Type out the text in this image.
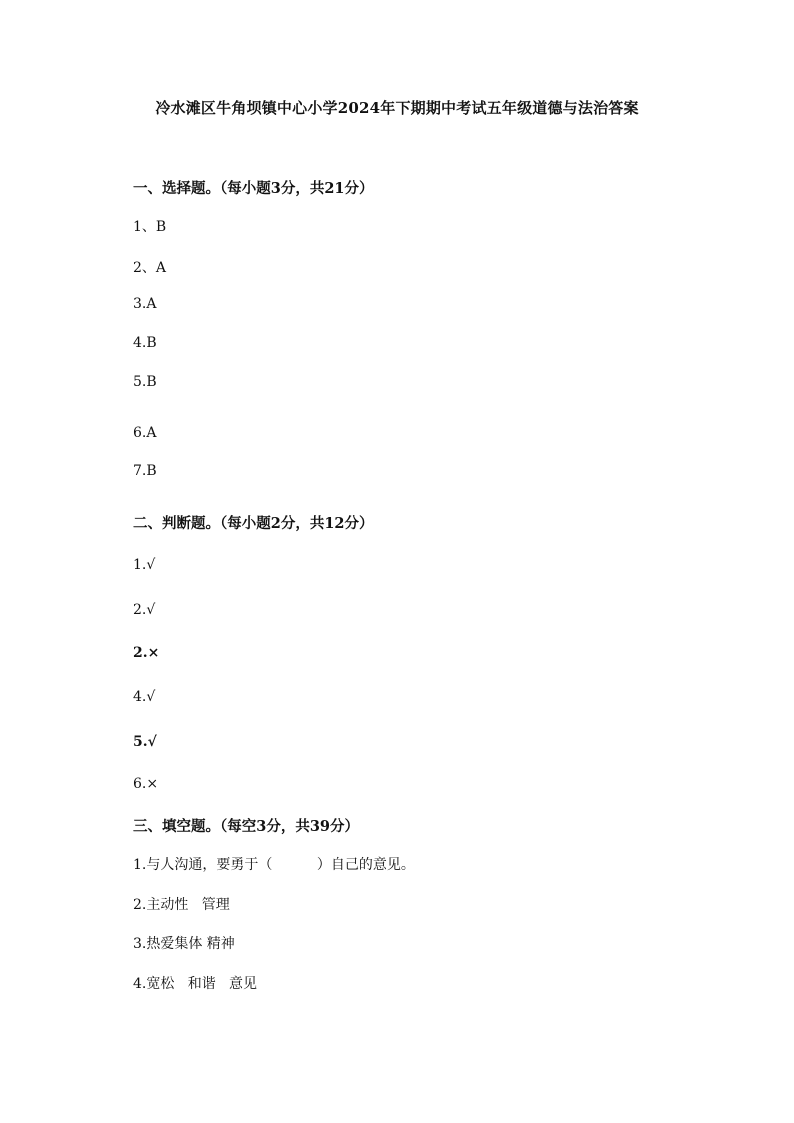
冷水滩区牛角坝镇中心小学2024年下期期中考试五年级道德与法治答案
一、选择题。（每小题3分，共21分）
1、B
2、A
3.A
4.B
5.B
6.A
7.B
二、判断题。（每小题2分，共12分）
1.√
2.√
2.×
4.√
5.√
6.×
三、填空题。（每空3分，共39分）
1.与人沟通，要勇于（          ）自己的意见。
2.主动性   管理
3.热爱集体 精神
4.宽松   和谐   意见
